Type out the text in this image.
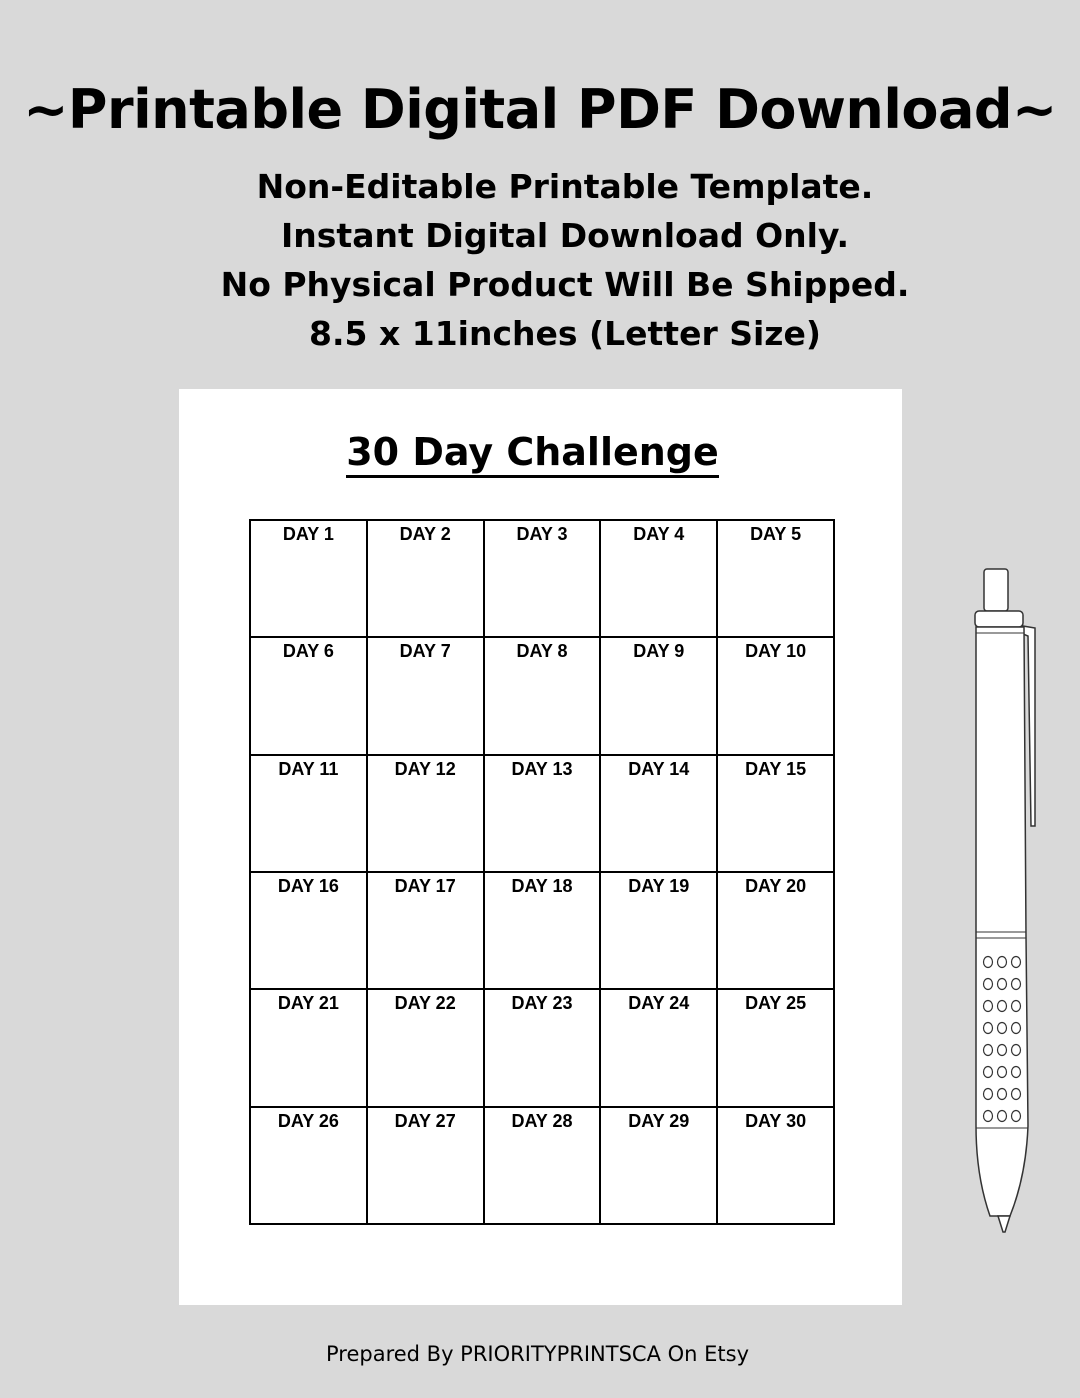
~Printable Digital PDF Download~
Non-Editable Printable Template.
Instant Digital Download Only.
No Physical Product Will Be Shipped.
8.5 x 11inches (Letter Size)
30 Day Challenge
DAY 1	DAY 2	DAY 3	DAY 4	DAY 5
DAY 6	DAY 7	DAY 8	DAY 9	DAY 10
DAY 11	DAY 12	DAY 13	DAY 14	DAY 15
DAY 16	DAY 17	DAY 18	DAY 19	DAY 20
DAY 21	DAY 22	DAY 23	DAY 24	DAY 25
DAY 26	DAY 27	DAY 28	DAY 29	DAY 30
Prepared By PRIORITYPRINTSCA On Etsy
